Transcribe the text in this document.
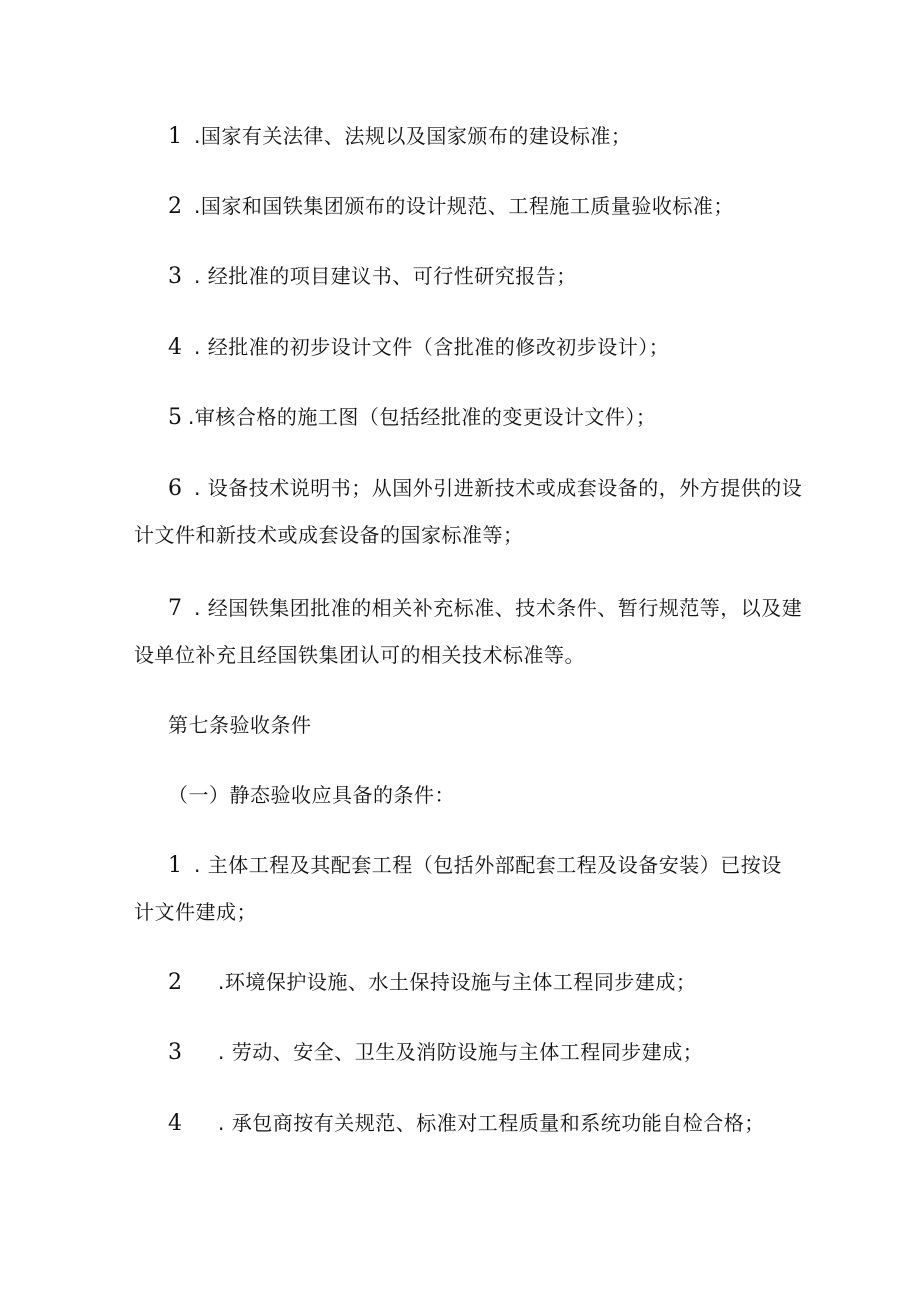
1 .国家有关法律、法规以及国家颁布的建设标准；
2 .国家和国铁集团颁布的设计规范、工程施工质量验收标准；
3 . 经批准的项目建议书、可行性研究报告；
4 . 经批准的初步设计文件（含批准的修改初步设计）；
5 .审核合格的施工图（包括经批准的变更设计文件）；
6 . 设备技术说明书；从国外引进新技术或成套设备的，外方提供的设
计文件和新技术或成套设备的国家标准等；
7 . 经国铁集团批准的相关补充标准、技术条件、暂行规范等，以及建
设单位补充且经国铁集团认可的相关技术标准等。
第七条验收条件
（一）静态验收应具备的条件：
1 . 主体工程及其配套工程（包括外部配套工程及设备安装）已按设
计文件建成；
2 .环境保护设施、水土保持设施与主体工程同步建成；
3 . 劳动、安全、卫生及消防设施与主体工程同步建成；
4 . 承包商按有关规范、标准对工程质量和系统功能自检合格；
